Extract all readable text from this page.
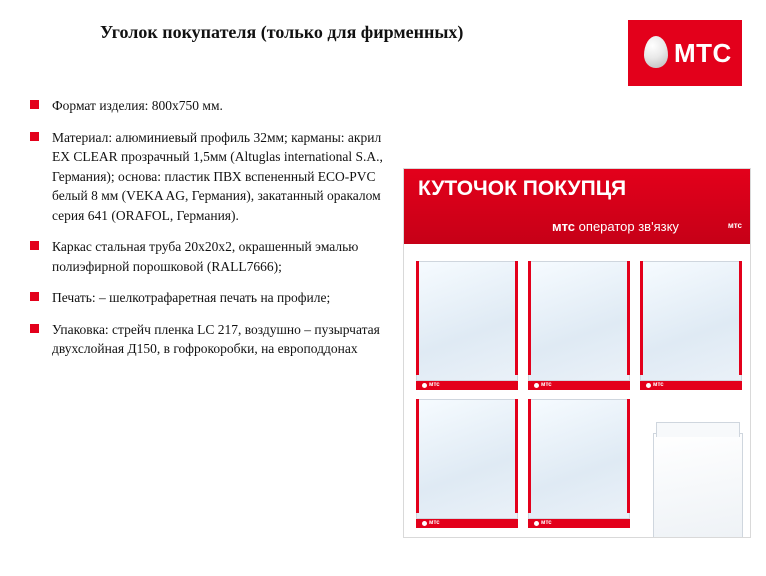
Уголок покупателя (только для фирменных)
МТС
Формат изделия: 800х750 мм.
Материал: алюминиевый профиль 32мм; карманы: акрил EX CLEAR прозрачный 1,5мм (Altuglas international S.A., Германия); основа: пластик ПВХ вспененный ECO-PVC белый 8 мм (VEKA AG, Германия), закатанный оракалом серия 641 (ORAFOL, Германия).
Каркас стальная труба 20х20х2, окрашенный эмалью полиэфирной порошковой (RALL7666);
Печать: – шелкотрафаретная печать на профиле;
Упаковка: стрейч пленка LC 217, воздушно – пузырчатая двухслойная Д150, в гофрокоробки, на европоддонах
КУТОЧОК ПОКУПЦЯ
мтс оператор зв'язку	мтс
мтс	мтс	мтс
мтс	мтс
